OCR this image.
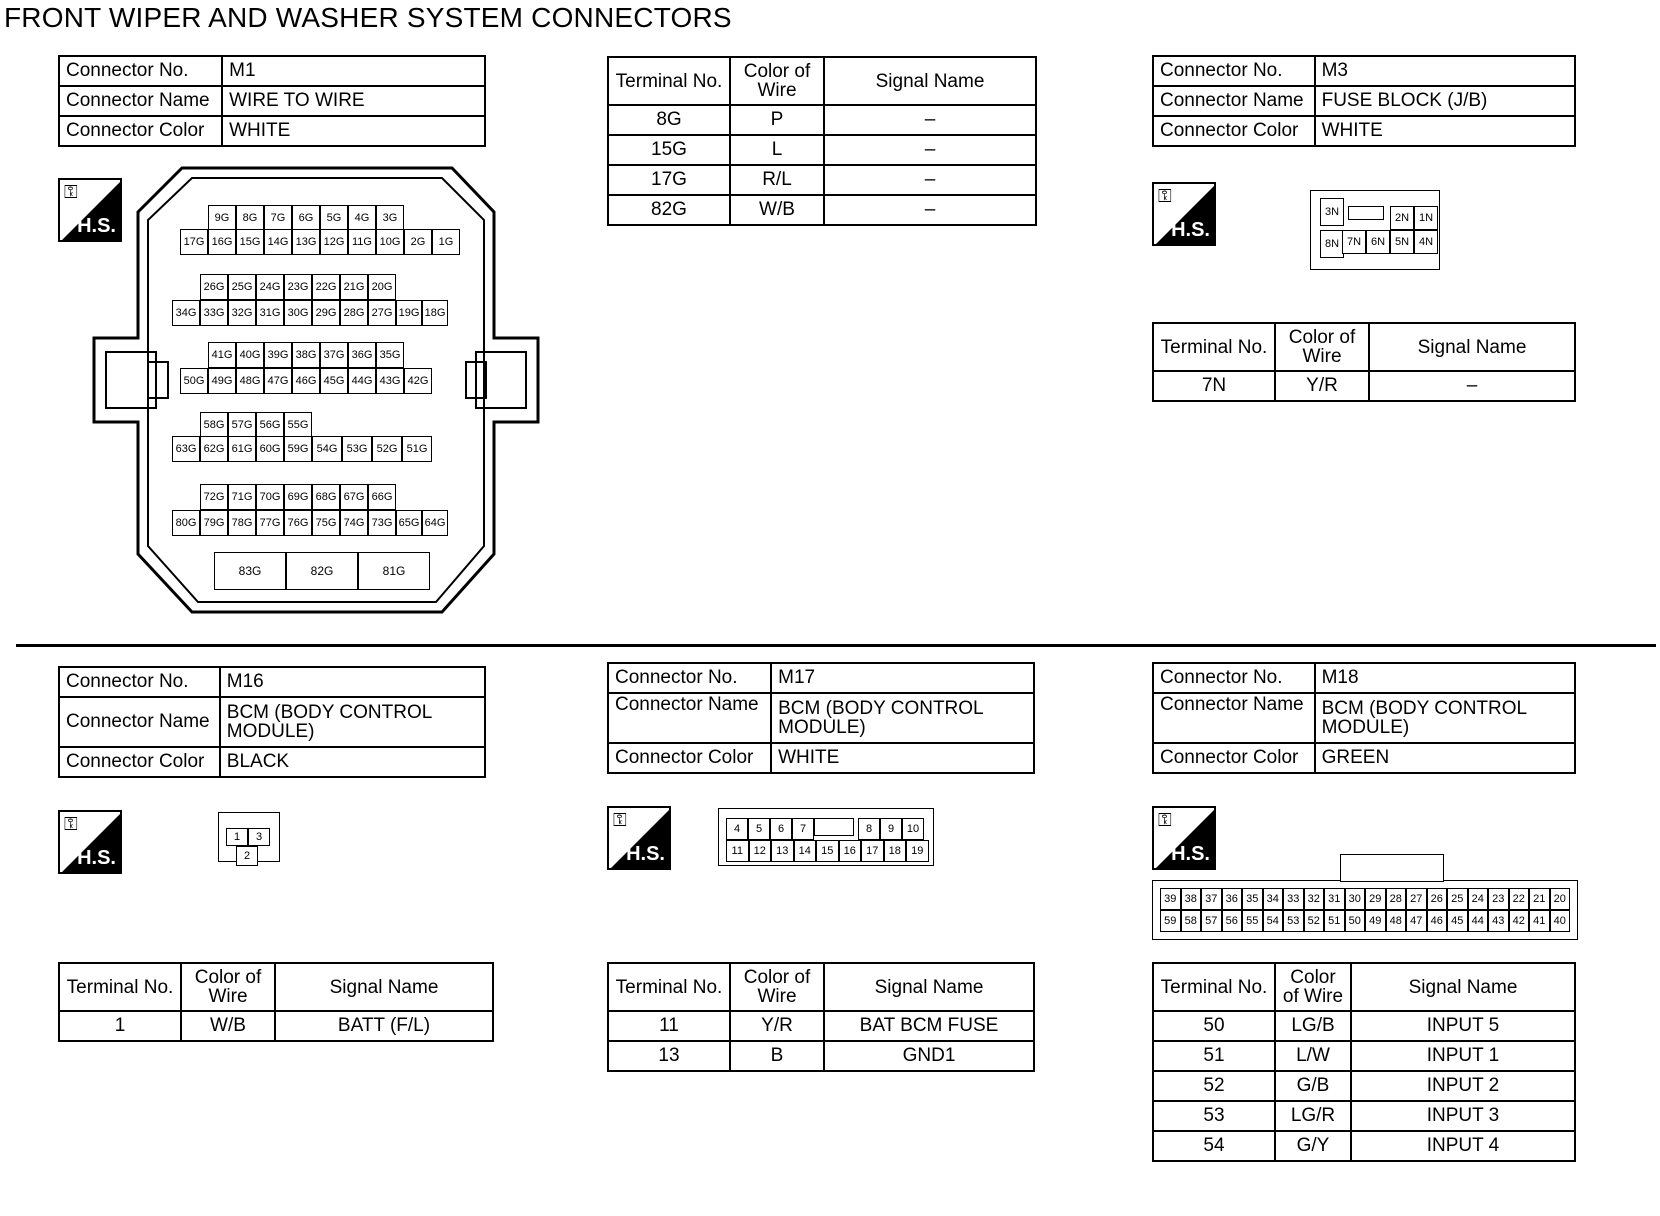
FRONT WIPER AND WASHER SYSTEM CONNECTORS
Connector No.	M1
Connector Name	WIRE TO WIRE
Connector Color	WHITE
⚿
H.S.	9G	8G	7G	6G	5G	4G	3G
17G 16G 15G 14G 13G 12G 11G 10G 2G	1G
26G 25G 24G 23G 22G 21G 20G
34G 33G 32G 31G 30G 29G 28G 27G 19G 18G
41G 40G 39G 38G 37G 36G 35G
50G 49G 48G 47G 46G 45G 44G 43G 42G
58G 57G 56G 55G
63G 62G 61G 60G 59G 54G 53G 52G 51G
72G 71G 70G 69G 68G 67G 66G
80G 79G 78G 77G 76G 75G 74G 73G 65G 64G
83G	82G	81G
Terminal No.	Color of Wire	Signal Name
8G	P	–
15G	L	–
17G	R/L	–
82G	W/B	–
Connector No.	M3
Connector Name	FUSE BLOCK (J/B)
Connector Color	WHITE
⚿
H.S.
3N	2N 1N
8N 7N 6N 5N 4N
Terminal No.	Color of Wire	Signal Name
7N	Y/R	–
Connector No.	M16
Connector Name	BCM (BODY CONTROL MODULE)
Connector Color	BLACK
⚿
H.S.
1	3
2
Terminal No.	Color of Wire	Signal Name
1	W/B	BATT (F/L)
Connector No.	M17
Connector Name	BCM (BODY CONTROL MODULE)
Connector Color	WHITE
⚿
H.S.
4	5	6	7	8	9	10
11 12 13 14 15 16 17 18 19
Terminal No.	Color of Wire	Signal Name
11	Y/R	BAT BCM FUSE
13	B	GND1
Connector No.	M18
Connector Name	BCM (BODY CONTROL MODULE)
Connector Color	GREEN
⚿
H.S.
39 38 37 36 35 34 33 32 31 30 29 28 27 26 25 24 23 22 21 20
59 58 57 56 55 54 53 52 51 50 49 48 47 46 45 44 43 42 41 40
Terminal No.	Color of Wire	Signal Name
50	LG/B	INPUT 5
51	L/W	INPUT 1
52	G/B	INPUT 2
53	LG/R	INPUT 3
54	G/Y	INPUT 4
